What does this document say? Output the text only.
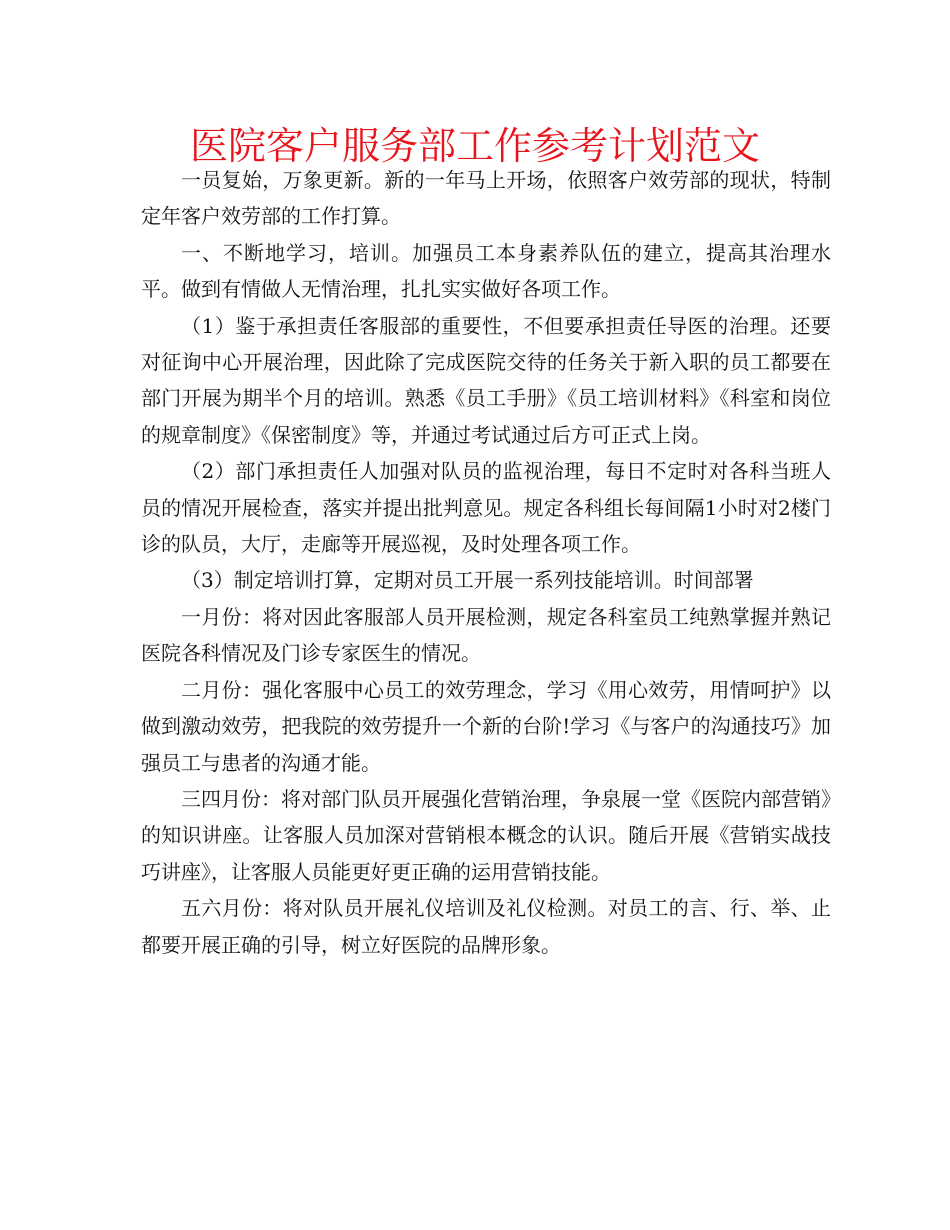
医院客户服务部工作参考计划范文

一员复始，万象更新。新的一年马上开场，依照客户效劳部的现状，特制定年客户效劳部的工作打算。

一、不断地学习，培训。加强员工本身素养队伍的建立，提高其治理水平。做到有情做人无情治理，扎扎实实做好各项工作。

（1）鉴于承担责任客服部的重要性，不但要承担责任导医的治理。还要对征询中心开展治理，因此除了完成医院交待的任务关于新入职的员工都要在部门开展为期半个月的培训。熟悉《员工手册》《员工培训材料》《科室和岗位的规章制度》《保密制度》等，并通过考试通过后方可正式上岗。

（2）部门承担责任人加强对队员的监视治理，每日不定时对各科当班人员的情况开展检查，落实并提出批判意见。规定各科组长每间隔1小时对2楼门诊的队员，大厅，走廊等开展巡视，及时处理各项工作。

（3）制定培训打算，定期对员工开展一系列技能培训。时间部署

一月份：将对因此客服部人员开展检测，规定各科室员工纯熟掌握并熟记医院各科情况及门诊专家医生的情况。

二月份：强化客服中心员工的效劳理念，学习《用心效劳，用情呵护》以做到激动效劳，把我院的效劳提升一个新的台阶!学习《与客户的沟通技巧》加强员工与患者的沟通才能。

三四月份：将对部门队员开展强化营销治理，争泉展一堂《医院内部营销》的知识讲座。让客服人员加深对营销根本概念的认识。随后开展《营销实战技巧讲座》，让客服人员能更好更正确的运用营销技能。

五六月份：将对队员开展礼仪培训及礼仪检测。对员工的言、行、举、止都要开展正确的引导，树立好医院的品牌形象。
